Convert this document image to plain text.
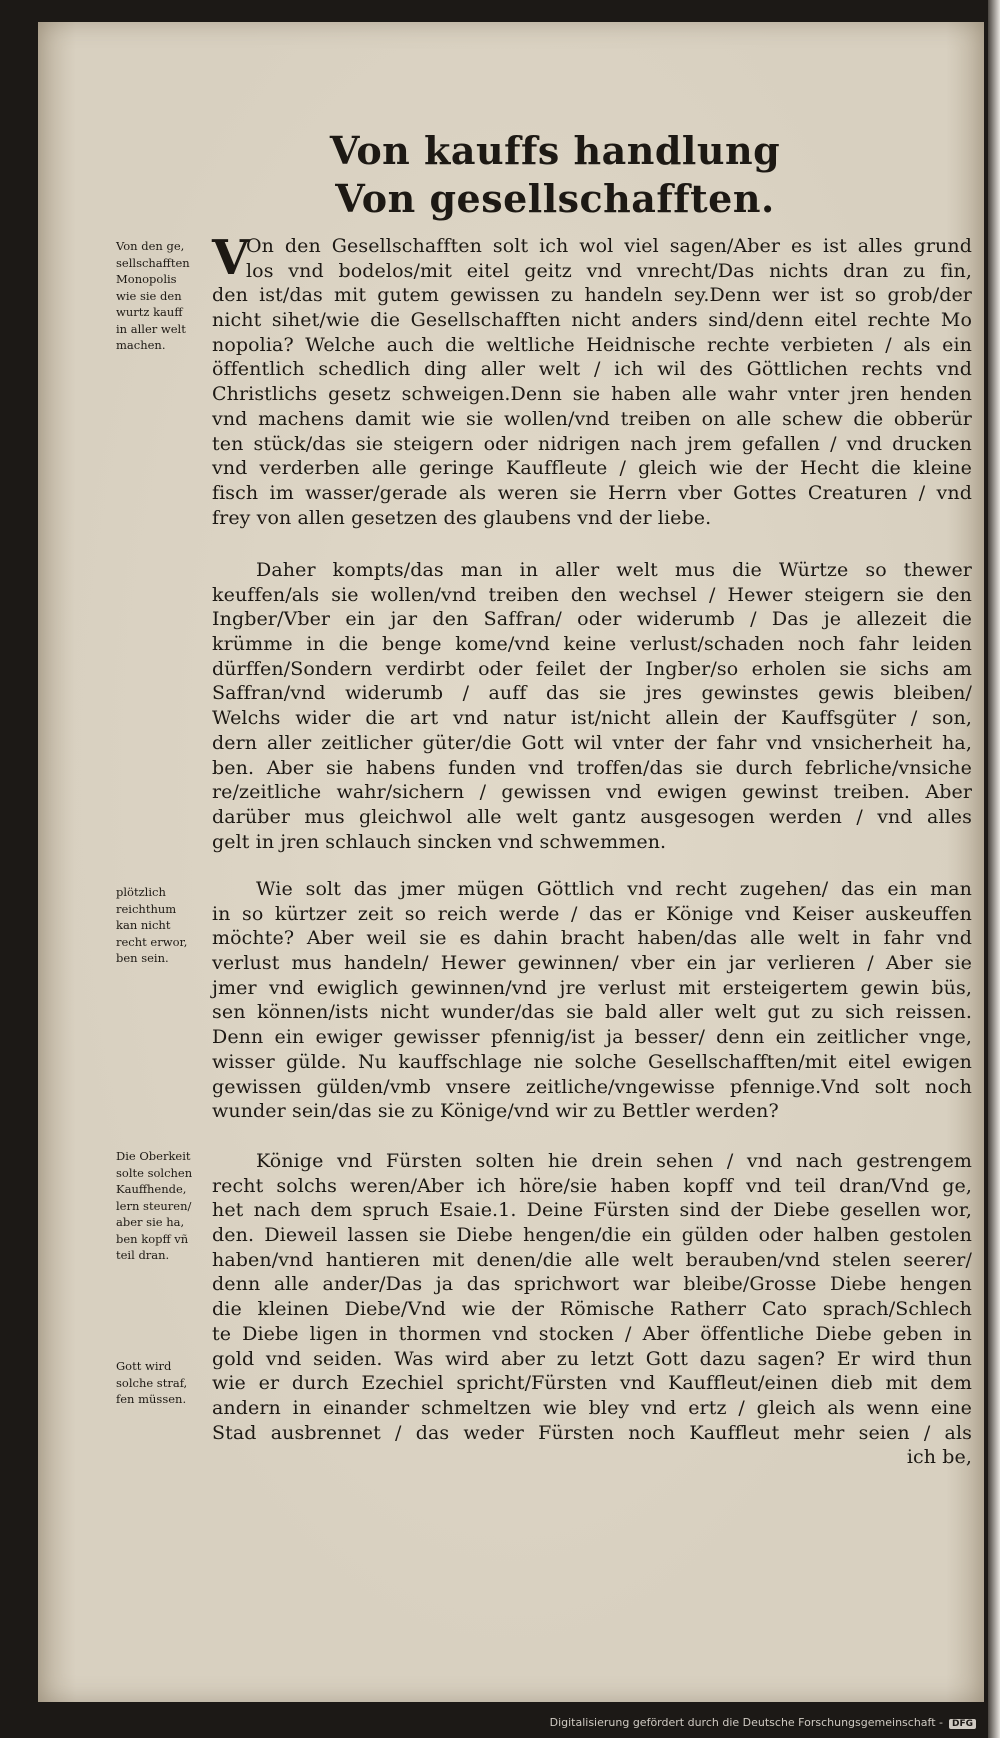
Von kauffs handlung
Von gesellschafften.
V
On den Gesellschafften solt ich wol viel sagen/Aber es ist alles grund
los vnd bodelos/mit eitel geitz vnd vnrecht/Das nichts dran zu fin,
den ist/das mit gutem gewissen zu handeln sey.Denn wer ist so grob/der
nicht sihet/wie die Gesellschafften nicht anders sind/denn eitel rechte Mo
nopolia? Welche auch die weltliche Heidnische rechte verbieten / als ein
öffentlich schedlich ding aller welt / ich wil des Göttlichen rechts vnd
Christlichs gesetz schweigen.Denn sie haben alle wahr vnter jren henden
vnd machens damit wie sie wollen/vnd treiben on alle schew die obberür
ten stück/das sie steigern oder nidrigen nach jrem gefallen / vnd drucken
vnd verderben alle geringe Kauffleute / gleich wie der Hecht die kleine
fisch im wasser/gerade als weren sie Herrn vber Gottes Creaturen / vnd
frey von allen gesetzen des glaubens vnd der liebe.
Daher kompts/das man in aller welt mus die Würtze so thewer
keuffen/als sie wollen/vnd treiben den wechsel / Hewer steigern sie den
Ingber/Vber ein jar den Saffran/ oder widerumb / Das je allezeit die
krümme in die benge kome/vnd keine verlust/schaden noch fahr leiden
dürffen/Sondern verdirbt oder feilet der Ingber/so erholen sie sichs am
Saffran/vnd widerumb / auff das sie jres gewinstes gewis bleiben/
Welchs wider die art vnd natur ist/nicht allein der Kauffsgüter / son,
dern aller zeitlicher güter/die Gott wil vnter der fahr vnd vnsicherheit ha,
ben. Aber sie habens funden vnd troffen/das sie durch febrliche/vnsiche
re/zeitliche wahr/sichern / gewissen vnd ewigen gewinst treiben. Aber
darüber mus gleichwol alle welt gantz ausgesogen werden / vnd alles
gelt in jren schlauch sincken vnd schwemmen.
Wie solt das jmer mügen Göttlich vnd recht zugehen/ das ein man
in so kürtzer zeit so reich werde / das er Könige vnd Keiser auskeuffen
möchte? Aber weil sie es dahin bracht haben/das alle welt in fahr vnd
verlust mus handeln/ Hewer gewinnen/ vber ein jar verlieren / Aber sie
jmer vnd ewiglich gewinnen/vnd jre verlust mit ersteigertem gewin büs,
sen können/ists nicht wunder/das sie bald aller welt gut zu sich reissen.
Denn ein ewiger gewisser pfennig/ist ja besser/ denn ein zeitlicher vnge,
wisser gülde. Nu kauffschlage nie solche Gesellschafften/mit eitel ewigen
gewissen gülden/vmb vnsere zeitliche/vngewisse pfennige.Vnd solt noch
wunder sein/das sie zu Könige/vnd wir zu Bettler werden?
Könige vnd Fürsten solten hie drein sehen / vnd nach gestrengem
recht solchs weren/Aber ich höre/sie haben kopff vnd teil dran/Vnd ge,
het nach dem spruch Esaie.1. Deine Fürsten sind der Diebe gesellen wor,
den. Dieweil lassen sie Diebe hengen/die ein gülden oder halben gestolen
haben/vnd hantieren mit denen/die alle welt berauben/vnd stelen seerer/
denn alle ander/Das ja das sprichwort war bleibe/Grosse Diebe hengen
die kleinen Diebe/Vnd wie der Römische Ratherr Cato sprach/Schlech
te Diebe ligen in thormen vnd stocken / Aber öffentliche Diebe geben in
gold vnd seiden. Was wird aber zu letzt Gott dazu sagen? Er wird thun
wie er durch Ezechiel spricht/Fürsten vnd Kauffleut/einen dieb mit dem
andern in einander schmeltzen wie bley vnd ertz / gleich als wenn eine
Stad ausbrennet / das weder Fürsten noch Kauffleut mehr seien / als
ich be,
Von den ge,
sellschafften
Monopolis
wie sie den
wurtz kauff
in aller welt
machen.
plötzlich
reichthum
kan nicht
recht erwor,
ben sein.
Die Oberkeit
solte solchen
Kauffhende,
lern steuren/
aber sie ha,
ben kopff vñ
teil dran.
Gott wird
solche straf,
fen müssen.
Digitalisierung gefördert durch die Deutsche Forschungsgemeinschaft - DFG
